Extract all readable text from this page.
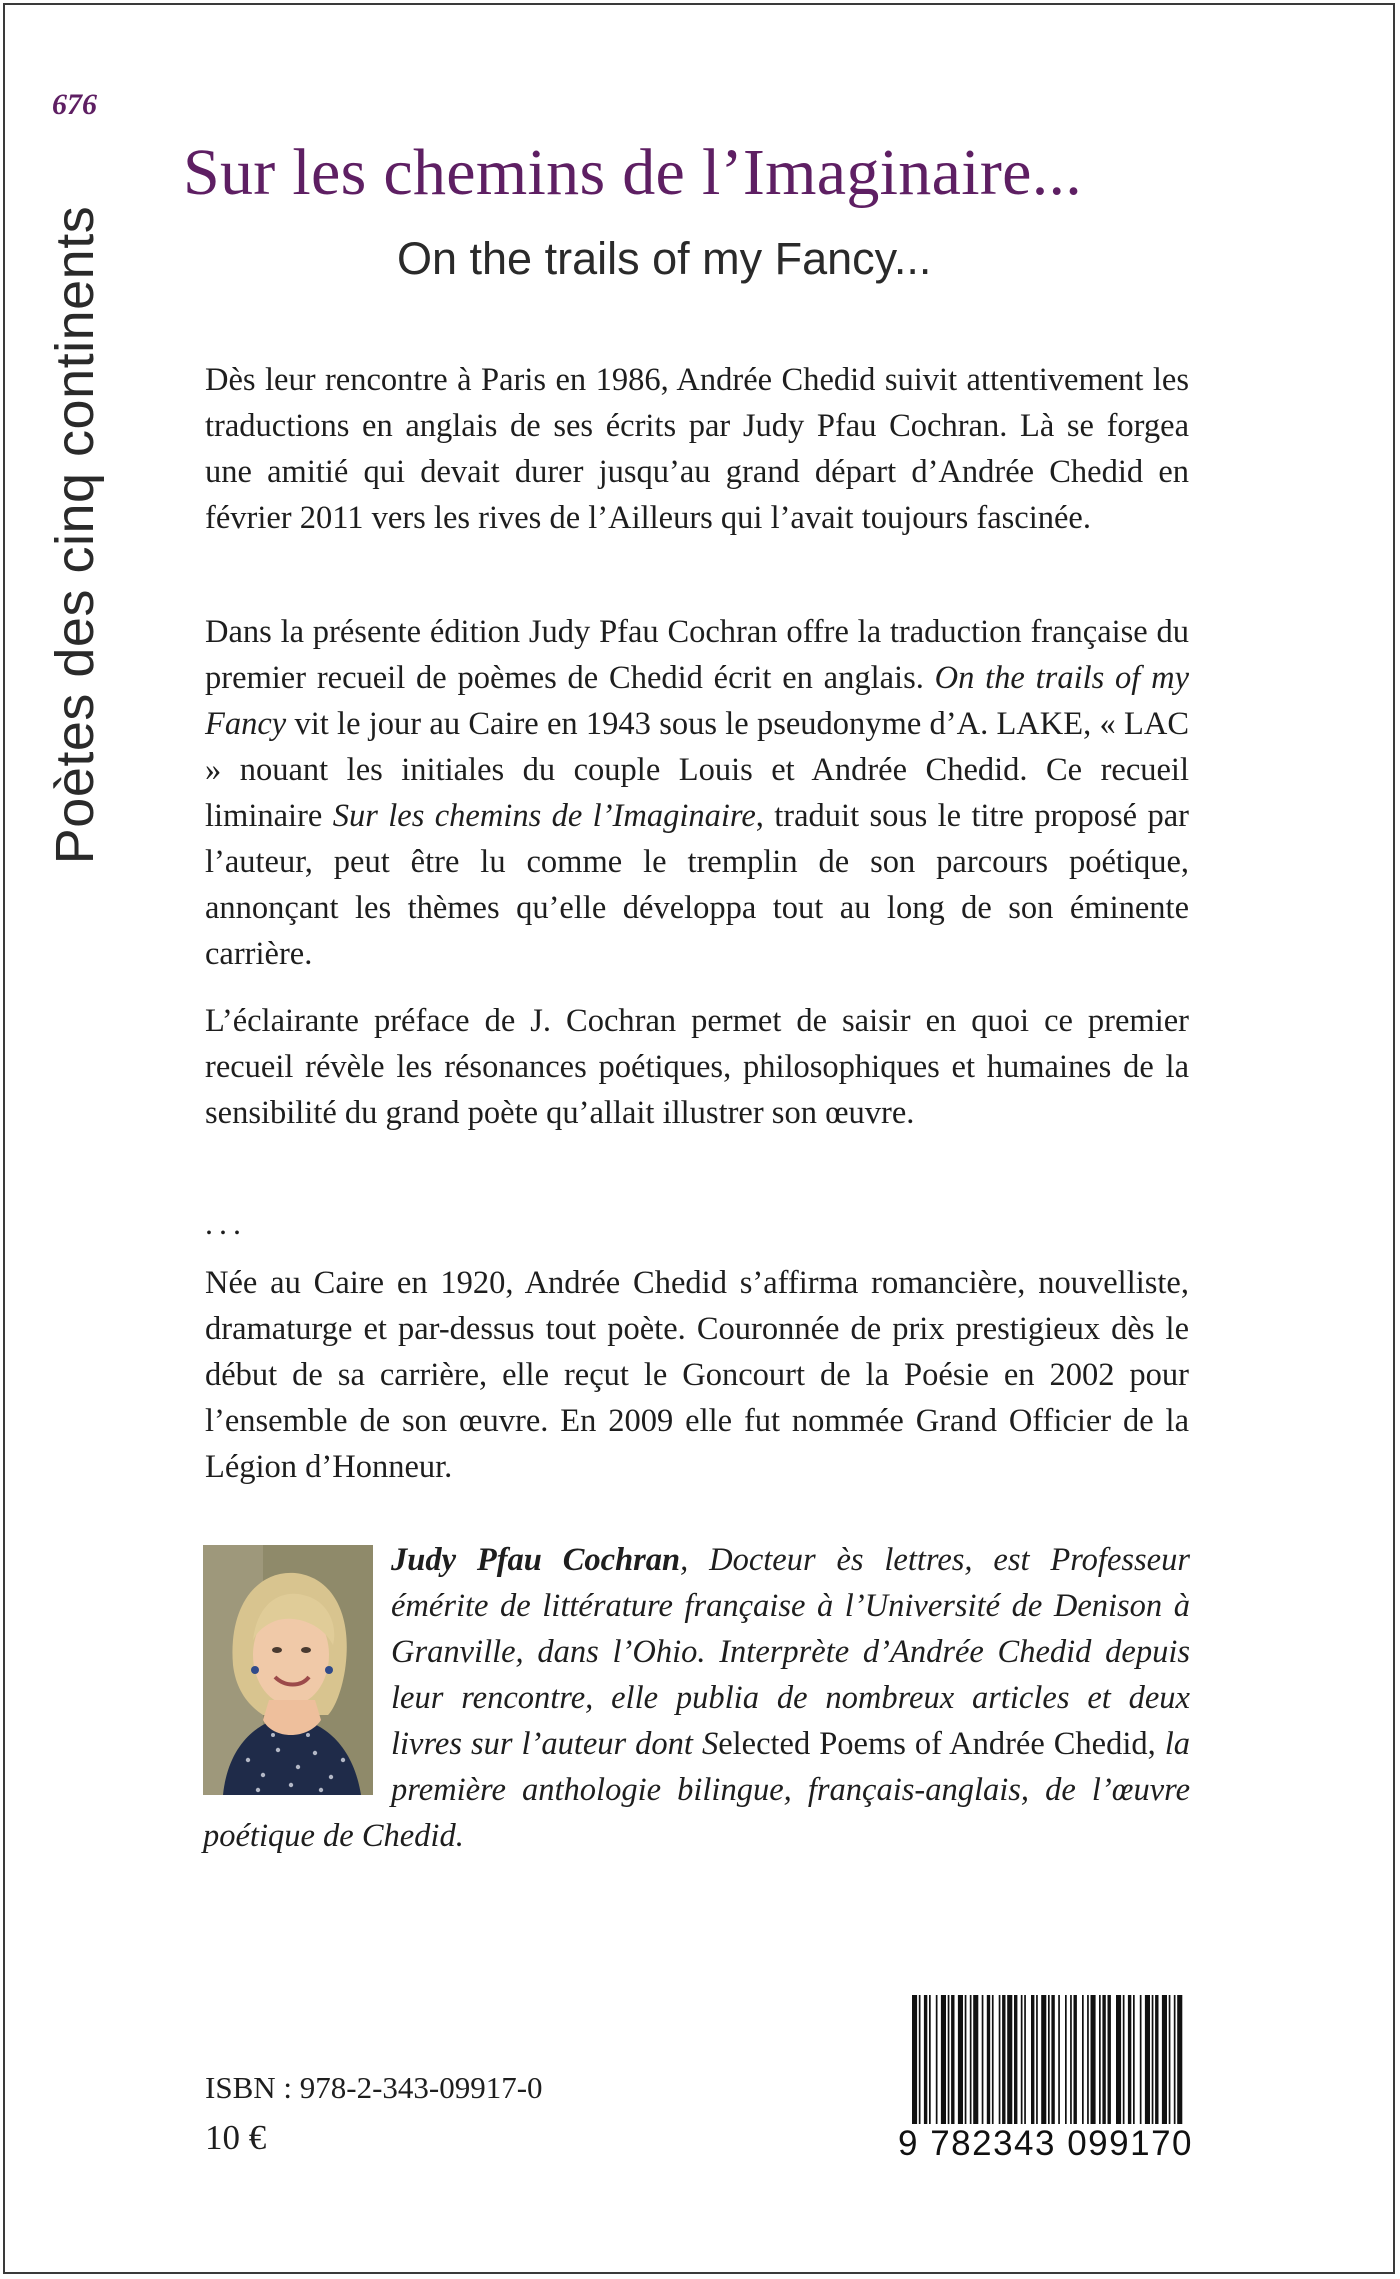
676
Poètes des cinq continents
Sur les chemins de l’Imaginaire...
On the trails of my Fancy...

Dès leur rencontre à Paris en 1986, Andrée Chedid suivit attentivement les traductions en anglais de ses écrits par Judy Pfau Cochran. Là se forgea une amitié qui devait durer jusqu’au grand départ d’Andrée Chedid en février 2011 vers les rives de l’Ailleurs qui l’avait toujours fascinée.

Dans la présente édition Judy Pfau Cochran offre la traduction française du premier recueil de poèmes de Chedid écrit en anglais. On the trails of my Fancy vit le jour au Caire en 1943 sous le pseudonyme d’A. LAKE, « LAC » nouant les initiales du couple Louis et Andrée Chedid. Ce recueil liminaire Sur les chemins de l’Imaginaire, traduit sous le titre proposé par l’auteur, peut être lu comme le tremplin de son parcours poétique, annonçant les thèmes qu’elle développa tout au long de son éminente carrière.

L’éclairante préface de J. Cochran permet de saisir en quoi ce premier recueil révèle les résonances poétiques, philosophiques et humaines de la sensibilité du grand poète qu’allait illustrer son œuvre.

...

Née au Caire en 1920, Andrée Chedid s’affirma romancière, nouvelliste, dramaturge et par-dessus tout poète. Couronnée de prix prestigieux dès le début de sa carrière, elle reçut le Goncourt de la Poésie en 2002 pour l’ensemble de son œuvre. En 2009 elle fut nommée Grand Officier de la Légion d’Honneur.

Judy Pfau Cochran, Docteur ès lettres, est Professeur émérite de littérature française à l’Université de Denison à Granville, dans l’Ohio. Interprète d’Andrée Chedid depuis leur rencontre, elle publia de nombreux articles et deux livres sur l’auteur dont Selected Poems of Andrée Chedid, la première anthologie bilingue, français-anglais, de l’œuvre poétique de Chedid.
ISBN : 978-2-343-09917-0
10 €	9 782343 099170
